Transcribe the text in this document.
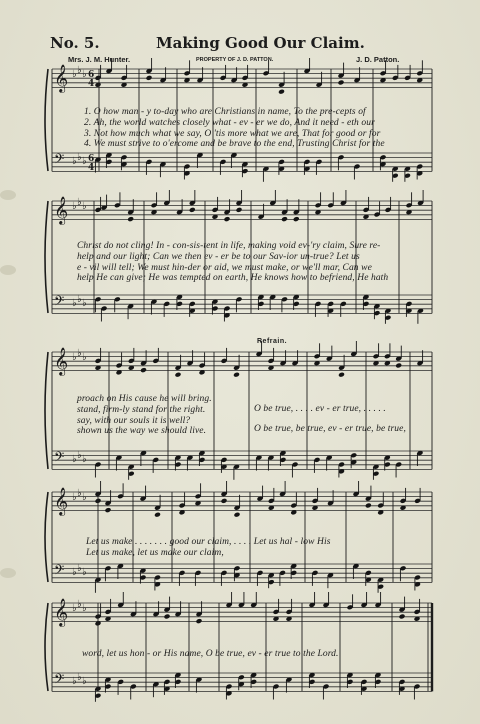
No. 5.	Making Good Our Claim.
Mrs. J. M. Hunter.	PROPERTY OF J. D. PATTON.	J. D. Patton.
𝄞 ♭ ♭ ♭
𝄢 ♭ ♭ ♭
6
4
6
4
𝄞 ♭ ♭ ♭
𝄢 ♭ ♭ ♭
𝄞 ♭ ♭ ♭
𝄢 ♭ ♭ ♭
𝄞 ♭ ♭ ♭
𝄢 ♭ ♭ ♭
𝄞 ♭ ♭ ♭
𝄢 ♭ ♭ ♭
1. O how man - y to-day who are Christians in name, To the pre-cepts of
2. Ah, the world watches closely what - ev - er we do, And it need - eth our
3. Not how much what we say, O 'tis more what we are, That for good or for
4. We must strive to o'ercome and be brave to the end, Trusting Christ for the
Christ do not cling! In - con-sis-tent in life, making void ev-'ry claim, Sure re-
help and our light; Can we then ev - er be to our Sav-ior un-true? Let us
e - vil will tell; We must hin-der or aid, we must make, or we'll mar, Can we
help He can give; He was tempted on earth, He knows how to befriend, He hath
Refrain.
proach on His cause he will bring.
stand, firm-ly stand for the right.
say, with our souls it is well?
shown us the way we should live.
O be true, . . . . ev - er true, . . . . .
O be true, be true, ev - er true, be true,
Let us make . . . . . . . good our claim, . . . . Let us hal - low His
Let us make, let us make our claim,
word, let us hon - or His name, O be true, ev - er true to the Lord.
